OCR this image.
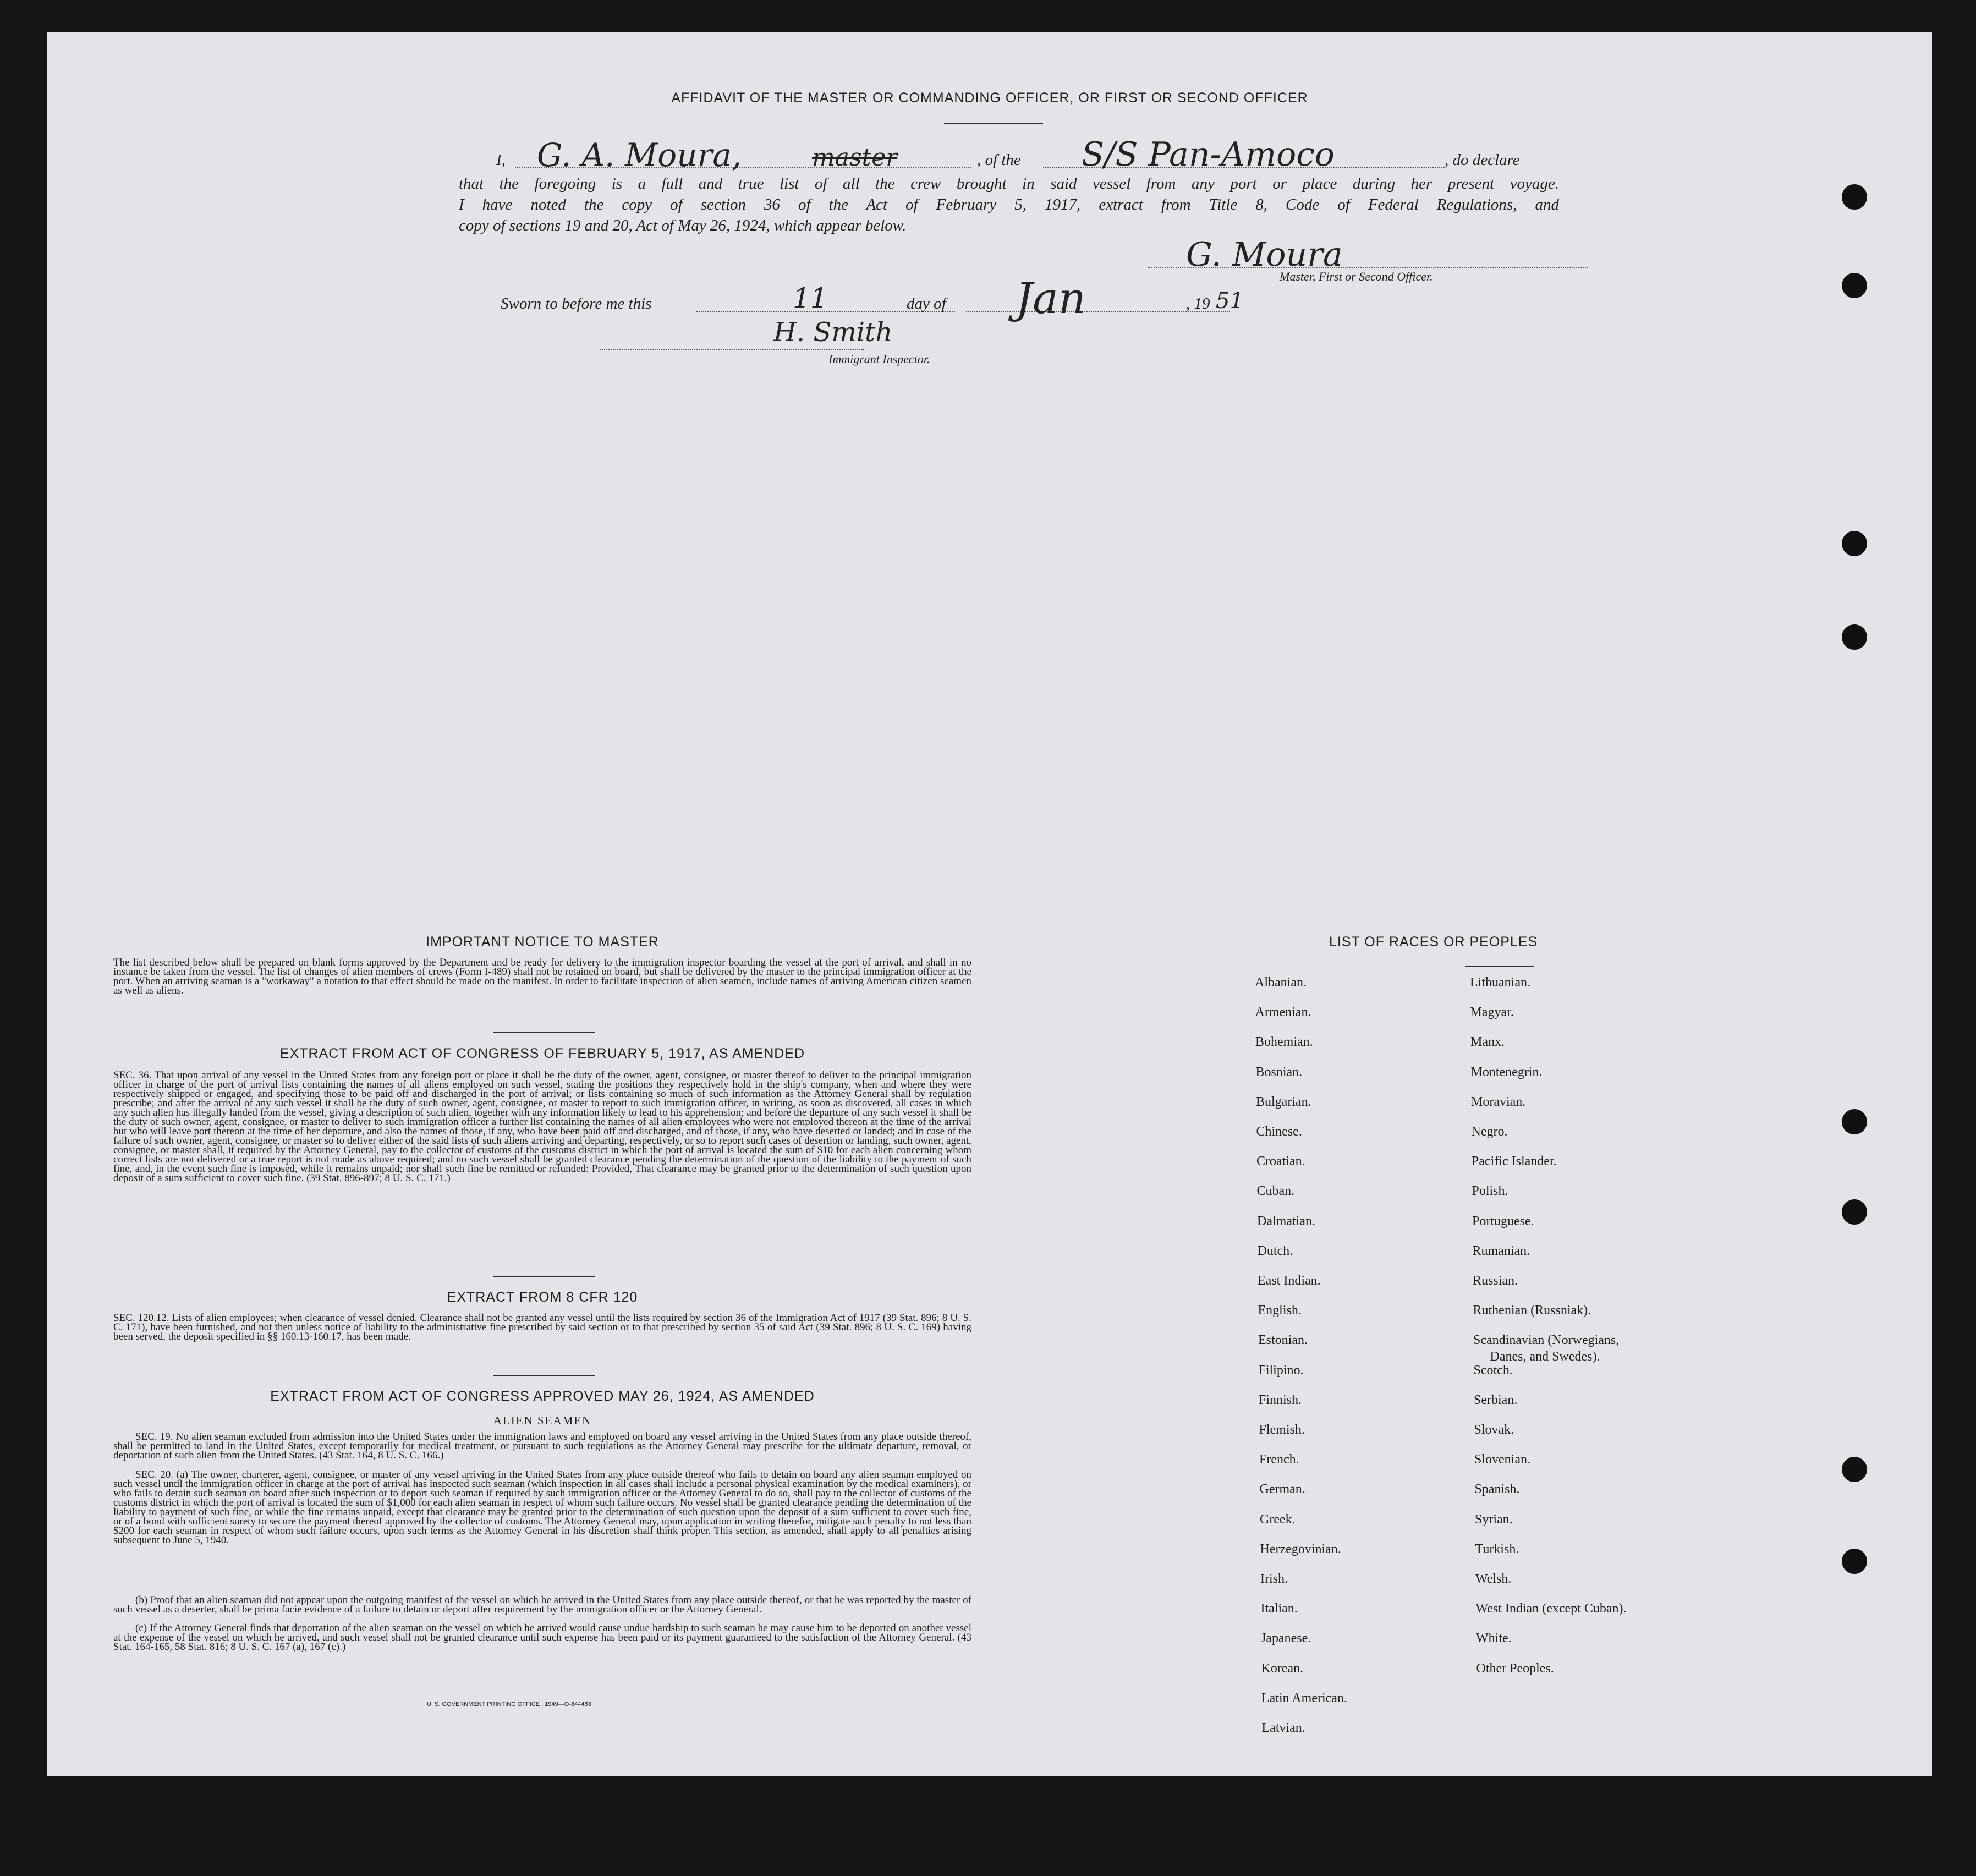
AFFIDAVIT OF THE MASTER OR COMMANDING OFFICER, OR FIRST OR SECOND OFFICER
I, G. A. Moura,	master	, of the S/S Pan-Amoco	, do declare
that the foregoing is a full and true list of all the crew brought in said vessel from any port or place during her present voyage.
I have noted the copy of section 36 of the Act of February 5, 1917, extract from Title 8, Code of Federal Regulations, and
copy of sections 19 and 20, Act of May 26, 1924, which appear below.
G. Moura
Master, First or Second Officer.
Sworn to before me this	11	day of Jan	, 19 51
H. Smith
Immigrant Inspector.
IMPORTANT NOTICE TO MASTER
The list described below shall be prepared on blank forms approved by the Department and be ready for delivery to the immigration inspector boarding the vessel at the port of arrival, and shall in no instance be taken from the vessel. The list of changes of alien members of crews (Form I-489) shall not be retained on board, but shall be delivered by the master to the principal immigration officer at the port. When an arriving seaman is a "workaway" a notation to that effect should be made on the manifest. In order to facilitate inspection of alien seamen, include names of arriving American citizen seamen as well as aliens.
EXTRACT FROM ACT OF CONGRESS OF FEBRUARY 5, 1917, AS AMENDED
SEC. 36. That upon arrival of any vessel in the United States from any foreign port or place it shall be the duty of the owner, agent, consignee, or master thereof to deliver to the principal immigration officer in charge of the port of arrival lists containing the names of all aliens employed on such vessel, stating the positions they respectively hold in the ship's company, when and where they were respectively shipped or engaged, and specifying those to be paid off and discharged in the port of arrival; or lists containing so much of such information as the Attorney General shall by regulation prescribe; and after the arrival of any such vessel it shall be the duty of such owner, agent, consignee, or master to report to such immigration officer, in writing, as soon as discovered, all cases in which any such alien has illegally landed from the vessel, giving a description of such alien, together with any information likely to lead to his apprehension; and before the departure of any such vessel it shall be the duty of such owner, agent, consignee, or master to deliver to such immigration officer a further list containing the names of all alien employees who were not employed thereon at the time of the arrival but who will leave port thereon at the time of her departure, and also the names of those, if any, who have been paid off and discharged, and of those, if any, who have deserted or landed; and in case of the failure of such owner, agent, consignee, or master so to deliver either of the said lists of such aliens arriving and departing, respectively, or so to report such cases of desertion or landing, such owner, agent, consignee, or master shall, if required by the Attorney General, pay to the collector of customs of the customs district in which the port of arrival is located the sum of $10 for each alien concerning whom correct lists are not delivered or a true report is not made as above required; and no such vessel shall be granted clearance pending the determination of the question of the liability to the payment of such fine, and, in the event such fine is imposed, while it remains unpaid; nor shall such fine be remitted or refunded: Provided, That clearance may be granted prior to the determination of such question upon deposit of a sum sufficient to cover such fine. (39 Stat. 896-897; 8 U. S. C. 171.)
EXTRACT FROM 8 CFR 120
SEC. 120.12. Lists of alien employees; when clearance of vessel denied. Clearance shall not be granted any vessel until the lists required by section 36 of the Immigration Act of 1917 (39 Stat. 896; 8 U. S. C. 171), have been furnished, and not then unless notice of liability to the administrative fine prescribed by said section or to that prescribed by section 35 of said Act (39 Stat. 896; 8 U. S. C. 169) having been served, the deposit specified in §§ 160.13-160.17, has been made.
EXTRACT FROM ACT OF CONGRESS APPROVED MAY 26, 1924, AS AMENDED
ALIEN SEAMEN
SEC. 19. No alien seaman excluded from admission into the United States under the immigration laws and employed on board any vessel arriving in the United States from any place outside thereof, shall be permitted to land in the United States, except temporarily for medical treatment, or pursuant to such regulations as the Attorney General may prescribe for the ultimate departure, removal, or deportation of such alien from the United States. (43 Stat. 164, 8 U. S. C. 166.)
SEC. 20. (a) The owner, charterer, agent, consignee, or master of any vessel arriving in the United States from any place outside thereof who fails to detain on board any alien seaman employed on such vessel until the immigration officer in charge at the port of arrival has inspected such seaman (which inspection in all cases shall include a personal physical examination by the medical examiners), or who fails to detain such seaman on board after such inspection or to deport such seaman if required by such immigration officer or the Attorney General to do so, shall pay to the collector of customs of the customs district in which the port of arrival is located the sum of $1,000 for each alien seaman in respect of whom such failure occurs. No vessel shall be granted clearance pending the determination of the liability to payment of such fine, or while the fine remains unpaid, except that clearance may be granted prior to the determination of such question upon the deposit of a sum sufficient to cover such fine, or of a bond with sufficient surety to secure the payment thereof approved by the collector of customs. The Attorney General may, upon application in writing therefor, mitigate such penalty to not less than $200 for each seaman in respect of whom such failure occurs, upon such terms as the Attorney General in his discretion shall think proper. This section, as amended, shall apply to all penalties arising subsequent to June 5, 1940.
(b) Proof that an alien seaman did not appear upon the outgoing manifest of the vessel on which he arrived in the United States from any place outside thereof, or that he was reported by the master of such vessel as a deserter, shall be prima facie evidence of a failure to detain or deport after requirement by the immigration officer or the Attorney General.
(c) If the Attorney General finds that deportation of the alien seaman on the vessel on which he arrived would cause undue hardship to such seaman he may cause him to be deported on another vessel at the expense of the vessel on which he arrived, and such vessel shall not be granted clearance until such expense has been paid or its payment guaranteed to the satisfaction of the Attorney General. (43 Stat. 164-165, 58 Stat. 816; 8 U. S. C. 167 (a), 167 (c).)
U. S. GOVERNMENT PRINTING OFFICE : 1949—O-844463
LIST OF RACES OR PEOPLES
Albanian.
Armenian.
Bohemian.
Bosnian.
Bulgarian.
Chinese.
Croatian.
Cuban.
Dalmatian.
Dutch.
East Indian.
English.
Estonian.
Filipino.
Finnish.
Flemish.
French.
German.
Greek.
Herzegovinian.
Irish.
Italian.
Japanese.
Korean.
Latin American.
Latvian.
Lithuanian.
Magyar.
Manx.
Montenegrin.
Moravian.
Negro.
Pacific Islander.
Polish.
Portuguese.
Rumanian.
Russian.
Ruthenian (Russniak).
Scandinavian (Norwegians,
Danes, and Swedes).
Scotch.
Serbian.
Slovak.
Slovenian.
Spanish.
Syrian.
Turkish.
Welsh.
West Indian (except Cuban).
White.
Other Peoples.
